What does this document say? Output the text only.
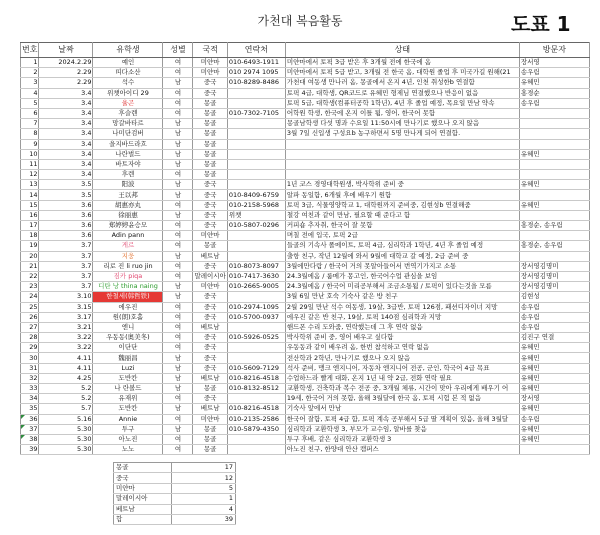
가천대 복음활동	도표 1
번호	날짜	유학생	성별	국적	연락처	상태	방문자
1	2024.2.29	예인	여	미얀마	010-6493-1911	미얀마에서 토픽 3급 받은 후 3개월 전에 한국에 옴	장서영
2	2.29	띠다소산	여	미얀마	010 2974 1095	미얀마에서 토픽 5급 받고, 3개월 전 한국 옴, 대학원 졸업 후 미국가길 원해(21	송우림
3	2.29	석수	남	중국	010-8289-8486	가천대 여동생 만나러 옴, 몽골에서 온지 4년, 인천 취성한b 연결함	유혜민
4	3.4	위챗아이디 29	여	중국		토픽 4급, 대학생, QR코드로 유혜민 형제님 연결했으나 반응이 없음	홍경순
5	3.4	율곤	여	몽골		토픽 5급, 대학생(컴퓨터공학 1학년), 4년 후 졸업 예정, 목요일 만남 약속	송우림
6	3.4	후슬렌	여	몽골	010-7302-7105	어학원 학생, 한국에 온지 이틀 됨, 영어, 한국어 못함	
7	3.4	망갈바타르	남	몽골		몽골남학생 다섯 명과 수요일 11:50시에 만나기로 했으나 오지 않음	
8	3.4	나미단검버	남	몽골		3월 7일 신입생 구성요b 농구하면서 5명 만나게 되어 연결함.	
9	3.4	을지바드라흐	남	몽골			
10	3.4	나란벌드	남	몽골			유혜민
11	3.4	바트자야	남	몽골			
12	3.4	후렌	여	몽골			
13	3.5	阳波	남	중국		1년 코스 경영대학원생, 박사학위 준비 중	유혜민
14	3.5	王以邦	남	중국	010-8409-6759	알파 동일함, 6개월 후에 배우기 원함	
15	3.6	胡惠亦丸	여	중국	010-2158-5968	토픽 3급, 식물영양학교 1, 대학원까지 준비중, 김현성b 연결해줌	유혜민
16	3.6	徐丽惠	남	중국	위챗	철강 여친과 같이 만남, 필요할 때 준다고 함	
17	3.6	郑婷婷윤승모	여	중국	010-5807-0296	커피숍 추자취, 한국어 잘 못함	홍경순, 송우림
18	3.6	Adin pann	여	미얀마		며칠 전에 입국, 토픽 2급	
19	3.7	게르	여	몽골		들골의 기속사 폴메이트, 토픽 4급, 심리학과 1학년, 4년 후 졸업 예정	홍경순, 송우림
20	3.7	지웅	남	베트남		출항 친구, 작년 12월에 와서 9월에 대학교 갈 예정, 2급 준비 중	
21	3.7	리로 진 li ruo jin	여	중국	010-8073-8097	3월에만다람 / 한국어 거의 못알아들어서 번역기가지고 소통	장서영김명미
22	3.7	짐카 piqa	여	말레이시아	010-7417-3630	24.3월에옴 / 룸메가 몽고인, 한국어수업 관심을 보임	장서영김명미
23	3.7	디탄 낭 thina naing	남	미얀마	010-2665-9005	24.3월에옴 / 한국어 미리공부해서 조금소통됨 / 토픽이 있다는것을 모름	장서영김명미
24	3.10	한철세(韩哲铁)	남	중국		3월 6일 만난 호숙 기숙사 같은 방 친구	김현성
25	3.15	에우진	여	중국	010-2974-1095	2월 29일 만난 석수 여동생, 19살, 3급반, 토픽 126점, 패션디자이너 지망	송우림
26	3.17	원(朗)호홀	여	중국	010-5700-0937	에우진 같은 반 친구, 19살, 토픽 140점 심리학과 지망	송우림
27	3.21	엔니	여	베트남		핸드폰 수리 도와줌, 연락했는데 그 후 연락 없음	송우림
28	3.22	우동동(奥美冬)	여	중국	010-5926-0525	박사학위 준비 중, 영어 배우고 싶다함	김진구 연결
29	3.22	이단단	여	중국		우동동과 같이 배우려 옴, 한번 참석하고 연락 없음	유혜민
30	4.11	魏丽昌	남	중국		전산학과 2학년, 만나기로 했으나 오지 않음	유혜민
31	4.11	Luzi	남	중국	010-5609-7129	석사 준비, 맹크 엔지니어, 자동차 엔지니어 전공, 군인, 학국어 4급 목표	유혜민
32	4.25	도반칸	남	베트남	010-8216-4518	수업하느라 빨게 대화, 온지 1년 내 약 2급, 전화 연락 필요	유혜민
33	5.2	나 란볼드	남	몽골	010-8132-8512	교환학생, 건축학과 복수 전공 중, 3개월 체류, 시간이 맞아 우리에게 배우기 어	유혜민
34	5.2	유재위	여	중국		19세, 한국어 거의 못함, 올해 3월달에 한국 옴, 토픽 시험 본 적 없음	장서영
35	5.7	도반칸	남	베트남	010-8216-4518	기숙사 앞에서 만남	유혜민
36	5.16	Annie	여	미얀마	010-2135-2586	한국어 잘함, 토픽 4급 함, 토픽 계속 공부해서 5급 딸 계획이 있음, 올해 3월달	송우림
37	5.30	투구	남	몽골	010-5879-4350	심리학과 교환학생 3, 부모가 교수임, 알바를 찾음	유혜민
38	5.30	아노진	여	몽골		투구 후배, 같은 심리학과 교환학생 3	유혜민
39	5.30	노노	여	몽골		아노진 친구, 한양대 안산 캠퍼스	
몽골	17
중국	12
미얀마	5
말레이시아	1
베트남	4
합	39
